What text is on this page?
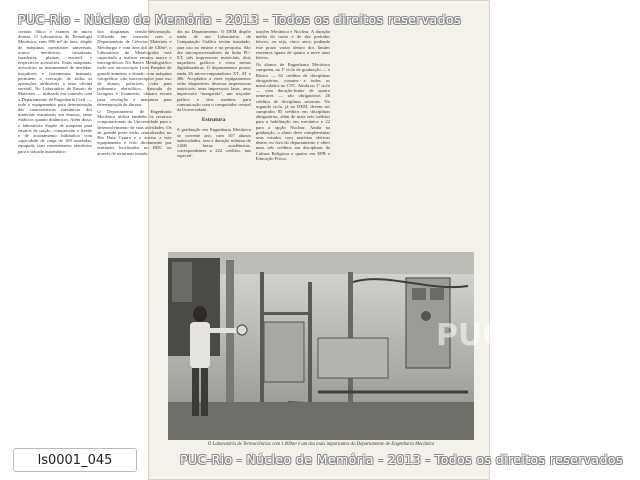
PUC-Rio - Núcleo de Memória - 2013 - Todos os direitos reservados

contato ôhico e exames de micro dureza. O Laboratório de Tecnologia Mecânica, com 890 m² de área, dispõe de máquinas operatrizes universais, tornos mecânicos, fresadoras, furadeiras, plainas, esmeril e respectivos acessórios. Estas máquinas, acessórios ao instrumental de medidas, traçadores e ferramentas manuais, permitem a execução de todas as operações atribuíveis a uma oficina versátil. No Laboratório de Ensaio de Materiais — utilizado em conexão com o Departamento de Engenharia Civil —, todo o equipamento para determinação das características mecânicas dos materiais estruturais em ensaios, tanto estáticos quanto dinâmicos. Além disso, o laboratório dispõe de máquina para ensaios de tração, compressão e flexão e de acionamento hidráulico com capacidade de carga de 100 toneladas, equipada com extensômetro eletrônico para o traçado automático

dos diagramas tensão-deformação. Utilizado em conexão com o Departamento de Ciências Materiais e Metalurgia e com área útil de 120m², o Laboratório de Metalografia está capacitado a realizar ensaios macro e micrográficos. No Banco Metalográfico estão um microscópio Leitz Panphot de grande aumento e dotado com máquina fotográfica, oito microscópios para uso de alunos, politrizes, cuba para polimento eletrolítico, bancada de lavagem e lixamento, câmara escura para revelação e máquinas para determinação de dureza.

O Departamento de Engenharia Mecânica utiliza também os recursos computacionais da Universidade para o desenvolvimento de suas atividades. Os de grande porte estão centralizados no Rio Data Centro e o acesso a este equipamento é feito diretamente por terminais localizados no RDC ou através de terminais instala-

dos no Departamento. O DEM dispõe ainda de um Laboratório de Computação Gráfica recém instalado, para uso no ensino e na pesquisa. São dez microprocessadores da linha PC-XT, três impressoras matriciais, dois traçadores gráficos e cinco mesas digitalizadoras. O departamento possui ainda 26 microcomputadores XT, AT e 386. Acoplados a estes equipamentos estão disponíveis diversas impressoras matriciais, uma impressora laser, uma impressora “margarida”, um traçador gráfico e dois modens para comunicação com o computador central da Universidade.

Estrutura

A graduação em Engenharia Mecânica no corrente ano, com 107 alunos matriculados, tem a duração mínima de 3.600 horas acadêmicas, correspondentes a 222 créditos, nas especial-

izações Mecânica e Nuclear. A duração média do curso é de dez períodos letivos, ou seja, cinco anos, podendo este prazo variar dentro dos limites extremos iguais de quatro a nove anos letivos.

Os alunos de Engenharia Mecânica cumprem, no 1º ciclo de graduação — o Básico — 62 créditos de disciplinas obrigatórias, comuns a todos os matriculados no CTC. Ainda no 1º ciclo — com duração-limite de quatro semestres — são obrigatórios 26 créditos de disciplinas setoriais. No segundo ciclo, já no DEM, devem ser cumpridos 85 créditos em disciplinas obrigatórias, além de mais seis créditos para a habilitação em mecânica e 22 para a opção Nuclear. Ainda na graduação, o aluno deve complementar seus estudos com matérias eletivas dentro ou fora do departamento e obter mais três créditos em disciplinas de Cultura Religiosa e quatro em EPB e Educação Física.

PUC
O Laboratório de Termociências com 1.000m² é um dos mais importantes do Departamento de Engenharia Mecânica
PUC-Rio - Núcleo de Memória - 2013 - Todos os direitos reservados
ls0001_045
